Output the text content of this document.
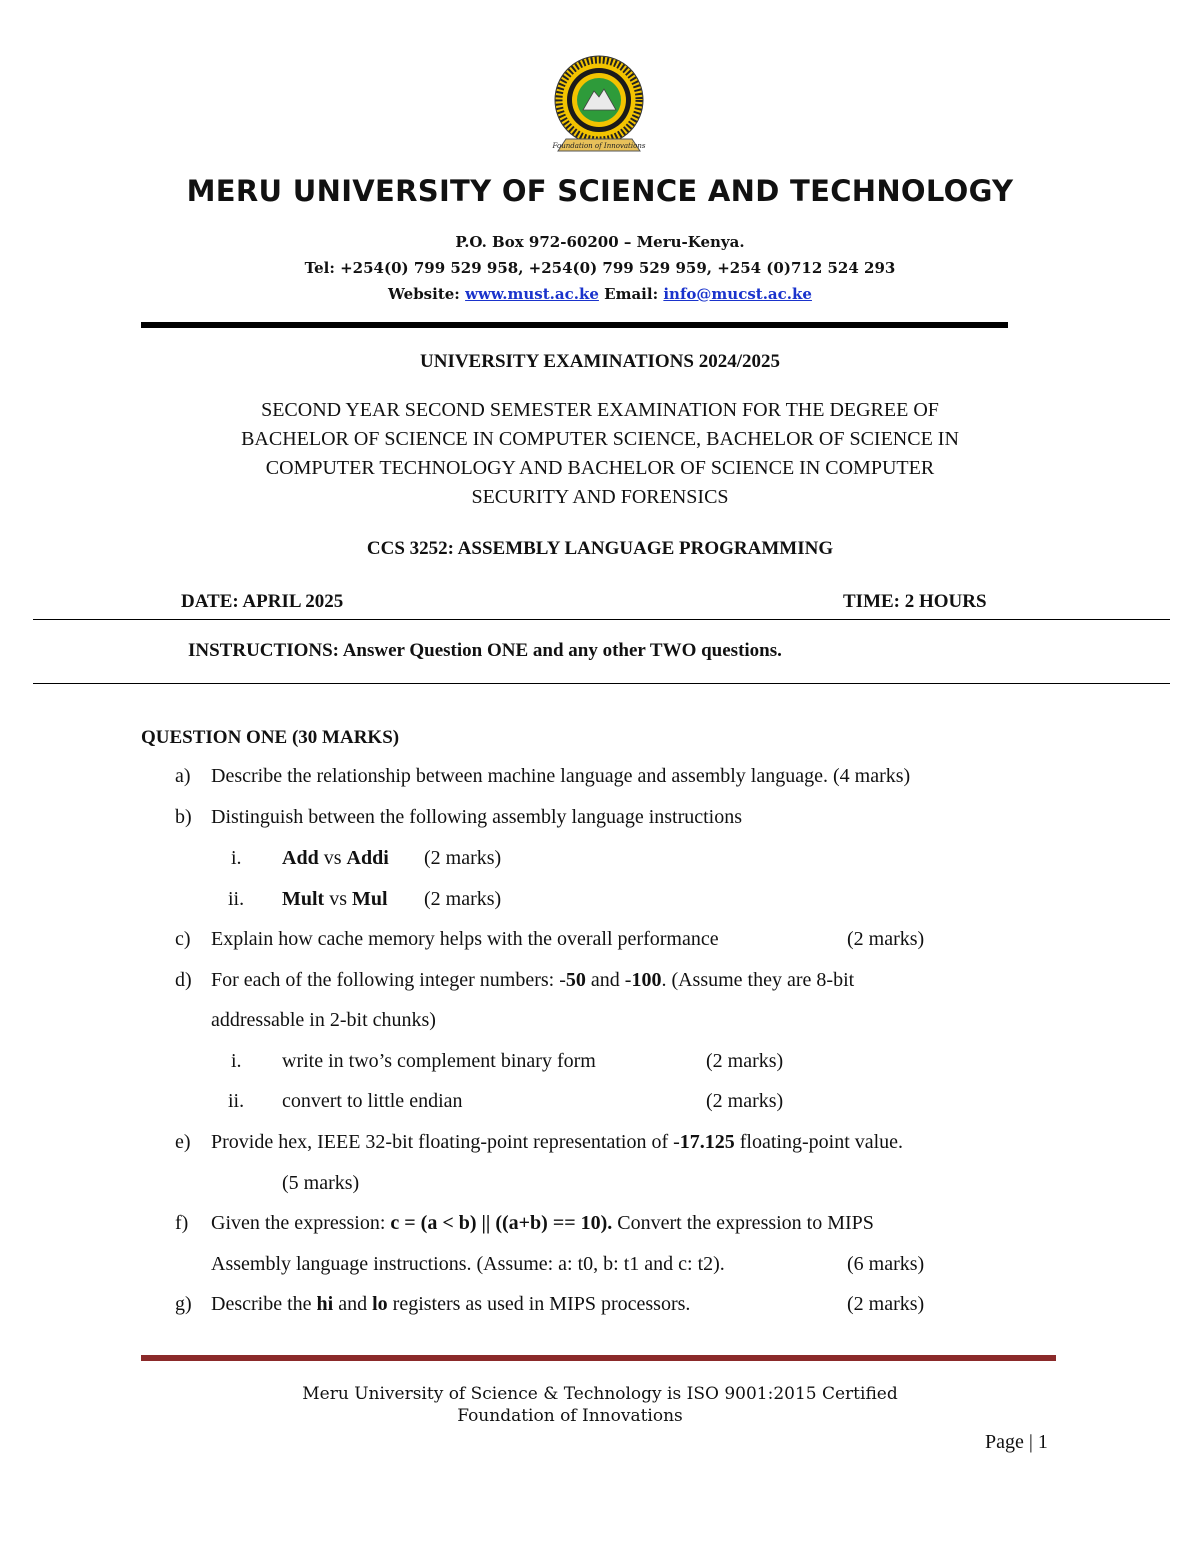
Foundation of Innovations
MERU UNIVERSITY OF SCIENCE AND TECHNOLOGY
P.O. Box 972-60200 – Meru-Kenya.
Tel: +254(0) 799 529 958, +254(0) 799 529 959, +254 (0)712 524 293
Website: www.must.ac.ke Email: info@mucst.ac.ke
UNIVERSITY EXAMINATIONS 2024/2025
SECOND YEAR SECOND SEMESTER EXAMINATION FOR THE DEGREE OF
BACHELOR OF SCIENCE IN COMPUTER SCIENCE, BACHELOR OF SCIENCE IN
COMPUTER TECHNOLOGY AND BACHELOR OF SCIENCE IN COMPUTER
SECURITY AND FORENSICS
CCS 3252: ASSEMBLY LANGUAGE PROGRAMMING
DATE: APRIL 2025	TIME: 2 HOURS
INSTRUCTIONS: Answer Question ONE and any other TWO questions.
QUESTION ONE (30 MARKS)
a) Describe the relationship between machine language and assembly language. (4 marks)
b) Distinguish between the following assembly language instructions
i. Add vs Addi (2 marks)
ii. Mult vs Mul (2 marks)
c) Explain how cache memory helps with the overall performance	(2 marks)
d) For each of the following integer numbers: -50 and -100. (Assume they are 8-bit
addressable in 2-bit chunks)
i. write in two’s complement binary form	(2 marks)
ii. convert to little endian	(2 marks)
e) Provide hex, IEEE 32-bit floating-point representation of -17.125 floating-point value.
(5 marks)
f) Given the expression: c = (a < b) || ((a+b) == 10). Convert the expression to MIPS
Assembly language instructions. (Assume: a: t0, b: t1 and c: t2).	(6 marks)
g) Describe the hi and lo registers as used in MIPS processors.	(2 marks)
Meru University of Science & Technology is ISO 9001:2015 Certified
Foundation of Innovations
Page | 1
